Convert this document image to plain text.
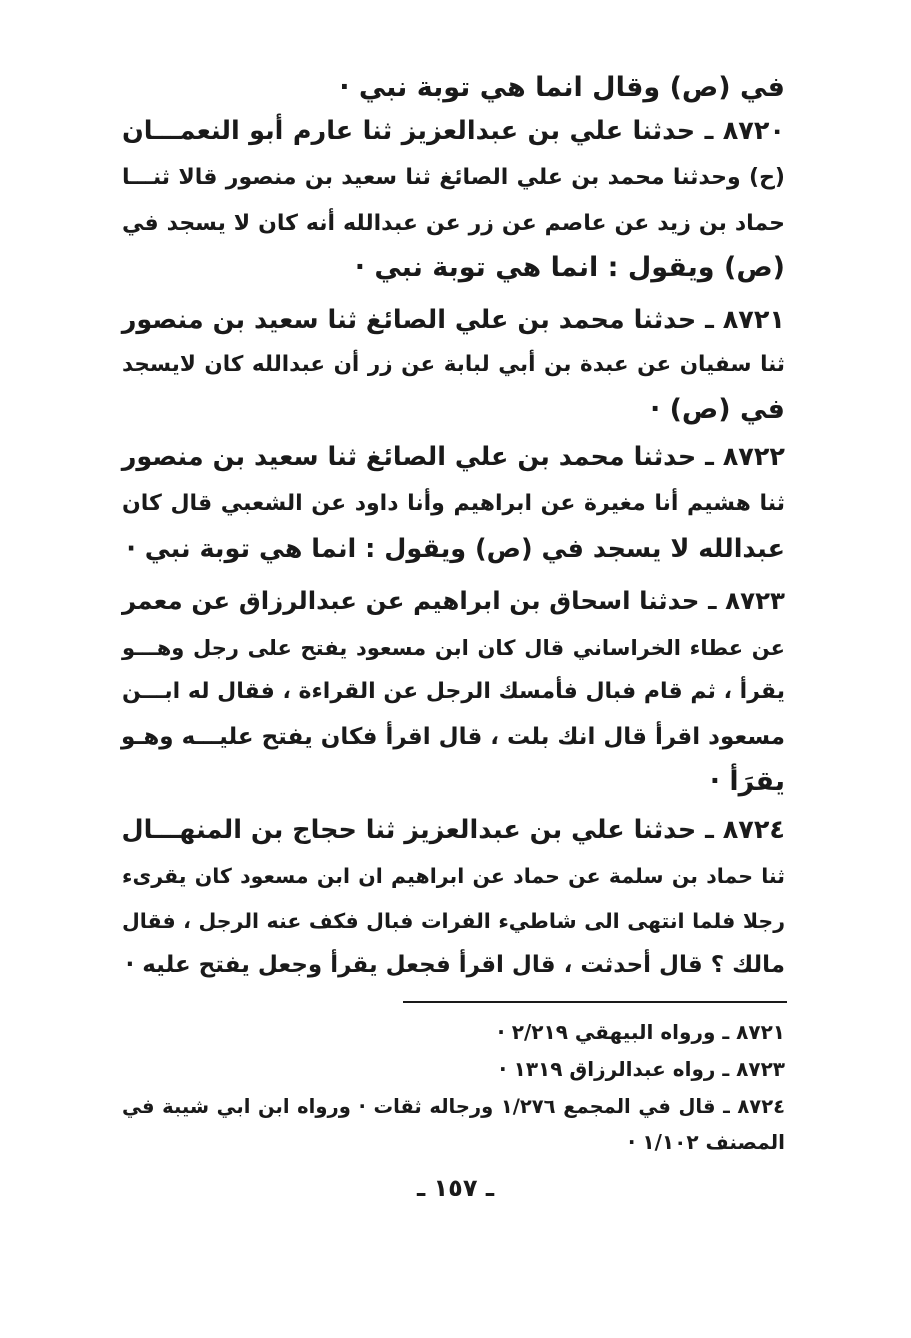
في (ص) وقال انما هي توبة نبي ·
٨٧٢٠ ـ حدثنا علي بن عبدالعزيز ثنا عارم أبو النعمـــان
(ح) وحدثنا محمد بن علي الصائغ ثنا سعيد بن منصور قالا ثنـــا
حماد بن زيد عن عاصم عن زر عن عبدالله أنه كان لا يسجد في
(ص) ويقول : انما هي توبة نبي ·
٨٧٢١ ـ حدثنا محمد بن علي الصائغ ثنا سعيد بن منصور
ثنا سفيان عن عبدة بن أبي لبابة عن زر أن عبدالله كان لايسجد
في (ص) ·
٨٧٢٢ ـ حدثنا محمد بن علي الصائغ ثنا سعيد بن منصور
ثنا هشيم أنا مغيرة عن ابراهيم وأنا داود عن الشعبي قال كان
عبدالله لا يسجد في (ص) ويقول : انما هي توبة نبي ·
٨٧٢٣ ـ حدثنا اسحاق بن ابراهيم عن عبدالرزاق عن معمر
عن عطاء الخراساني قال كان ابن مسعود يفتح على رجل وهـــو
يقرأ ، ثم قام فبال فأمسك الرجل عن القراءة ، فقال له ابـــن
مسعود اقرأ قال انك بلت ، قال اقرأ فكان يفتح عليـــه وهـو
يقرَأ ·
٨٧٢٤ ـ حدثنا علي بن عبدالعزيز ثنا حجاج بن المنهـــال
ثنا حماد بن سلمة عن حماد عن ابراهيم ان ابن مسعود كان يقرىء
رجلا فلما انتهى الى شاطيء الفرات فبال فكف عنه الرجل ، فقال
مالك ؟ قال أحدثت ، قال اقرأ فجعل يقرأ وجعل يفتح عليه ·
٨٧٢١ ـ ورواه البيهقي ٢/٢١٩ ·
٨٧٢٣ ـ رواه عبدالرزاق ١٣١٩ ·
٨٧٢٤ ـ قال في المجمع ١/٢٧٦ ورجاله ثقات · ورواه ابن ابي شيبة في
المصنف ١/١٠٢ ·
ـ ١٥٧ ـ
